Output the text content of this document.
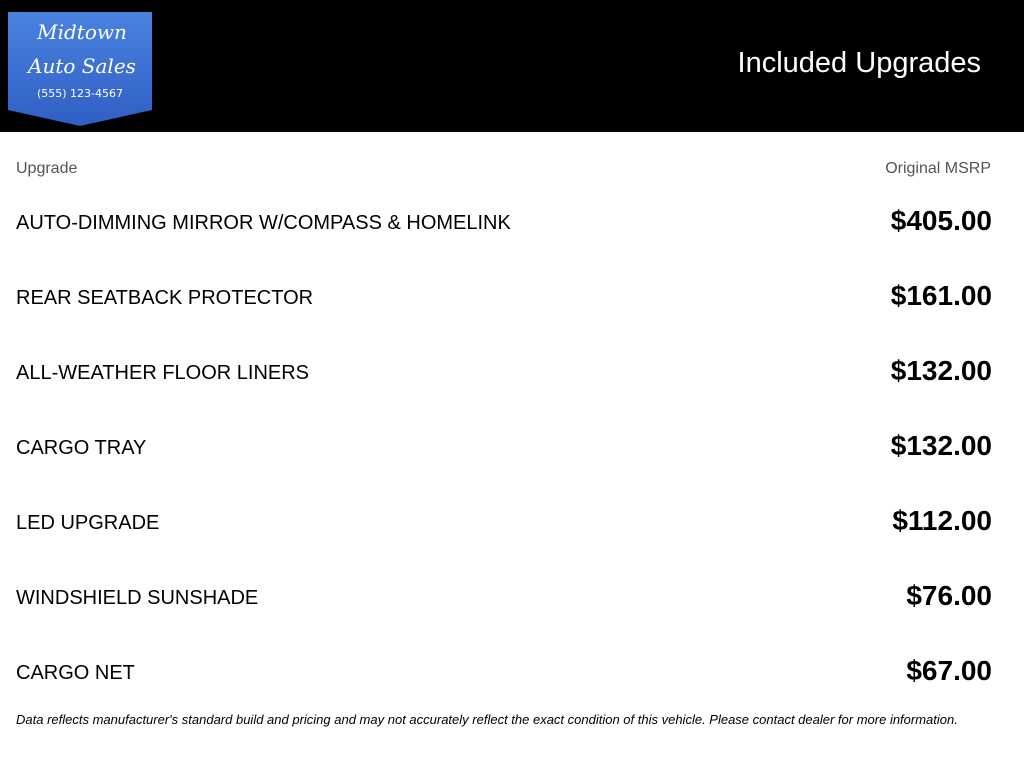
Midtown
Auto Sales
(555) 123-4567
Included Upgrades
Upgrade	Original MSRP
AUTO-DIMMING MIRROR W/COMPASS & HOMELINK	$405.00
REAR SEATBACK PROTECTOR	$161.00
ALL-WEATHER FLOOR LINERS	$132.00
CARGO TRAY	$132.00
LED UPGRADE	$112.00
WINDSHIELD SUNSHADE	$76.00
CARGO NET	$67.00
Data reflects manufacturer's standard build and pricing and may not accurately reflect the exact condition of this vehicle. Please contact dealer for more information.
